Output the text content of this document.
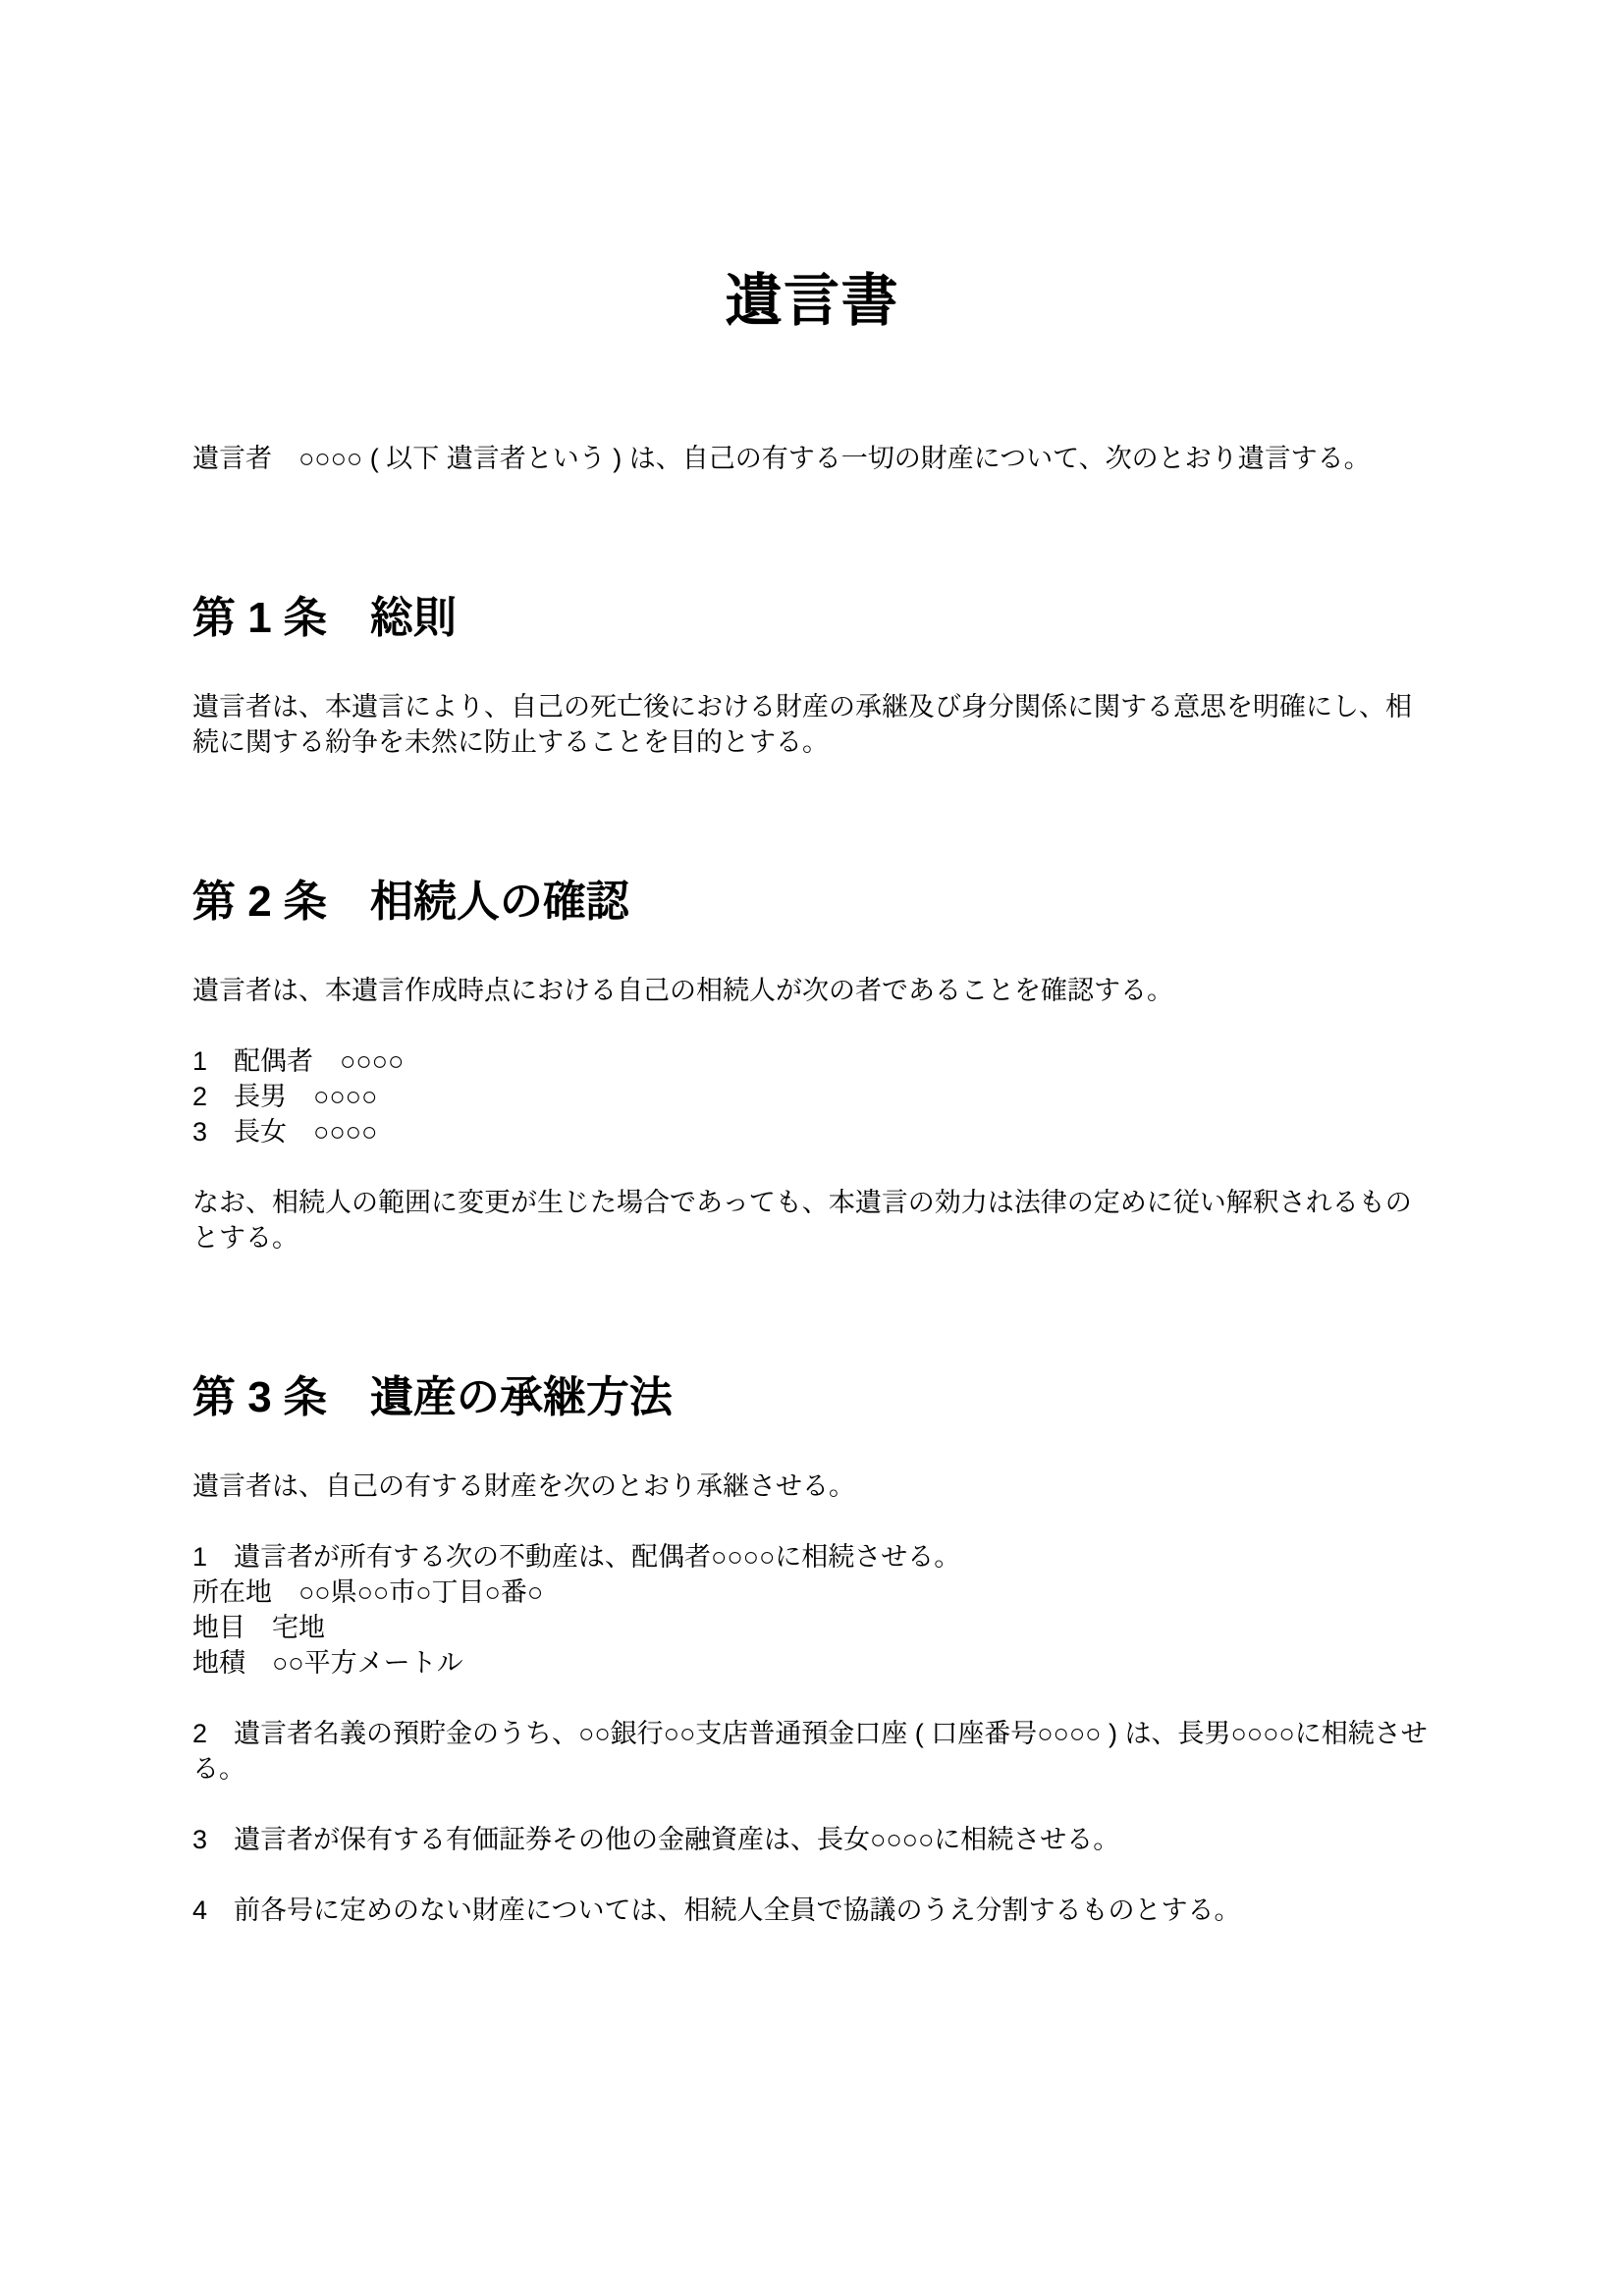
遺言書

遺言者　○○○○ ( 以下 遺言者という ) は、自己の有する一切の財産について、次のとおり遺言する。

第 1 条　総則

遺言者は、本遺言により、自己の死亡後における財産の承継及び身分関係に関する意思を明確にし、相続に関する紛争を未然に防止することを目的とする。

第 2 条　相続人の確認

遺言者は、本遺言作成時点における自己の相続人が次の者であることを確認する。

1　配偶者　○○○○
2　長男　○○○○
3　長女　○○○○

なお、相続人の範囲に変更が生じた場合であっても、本遺言の効力は法律の定めに従い解釈されるものとする。

第 3 条　遺産の承継方法

遺言者は、自己の有する財産を次のとおり承継させる。

1　遺言者が所有する次の不動産は、配偶者○○○○に相続させる。
所在地　○○県○○市○丁目○番○
地目　宅地
地積　○○平方メートル

2　遺言者名義の預貯金のうち、○○銀行○○支店普通預金口座 ( 口座番号○○○○ ) は、長男○○○○に相続させる。

3　遺言者が保有する有価証券その他の金融資産は、長女○○○○に相続させる。

4　前各号に定めのない財産については、相続人全員で協議のうえ分割するものとする。
